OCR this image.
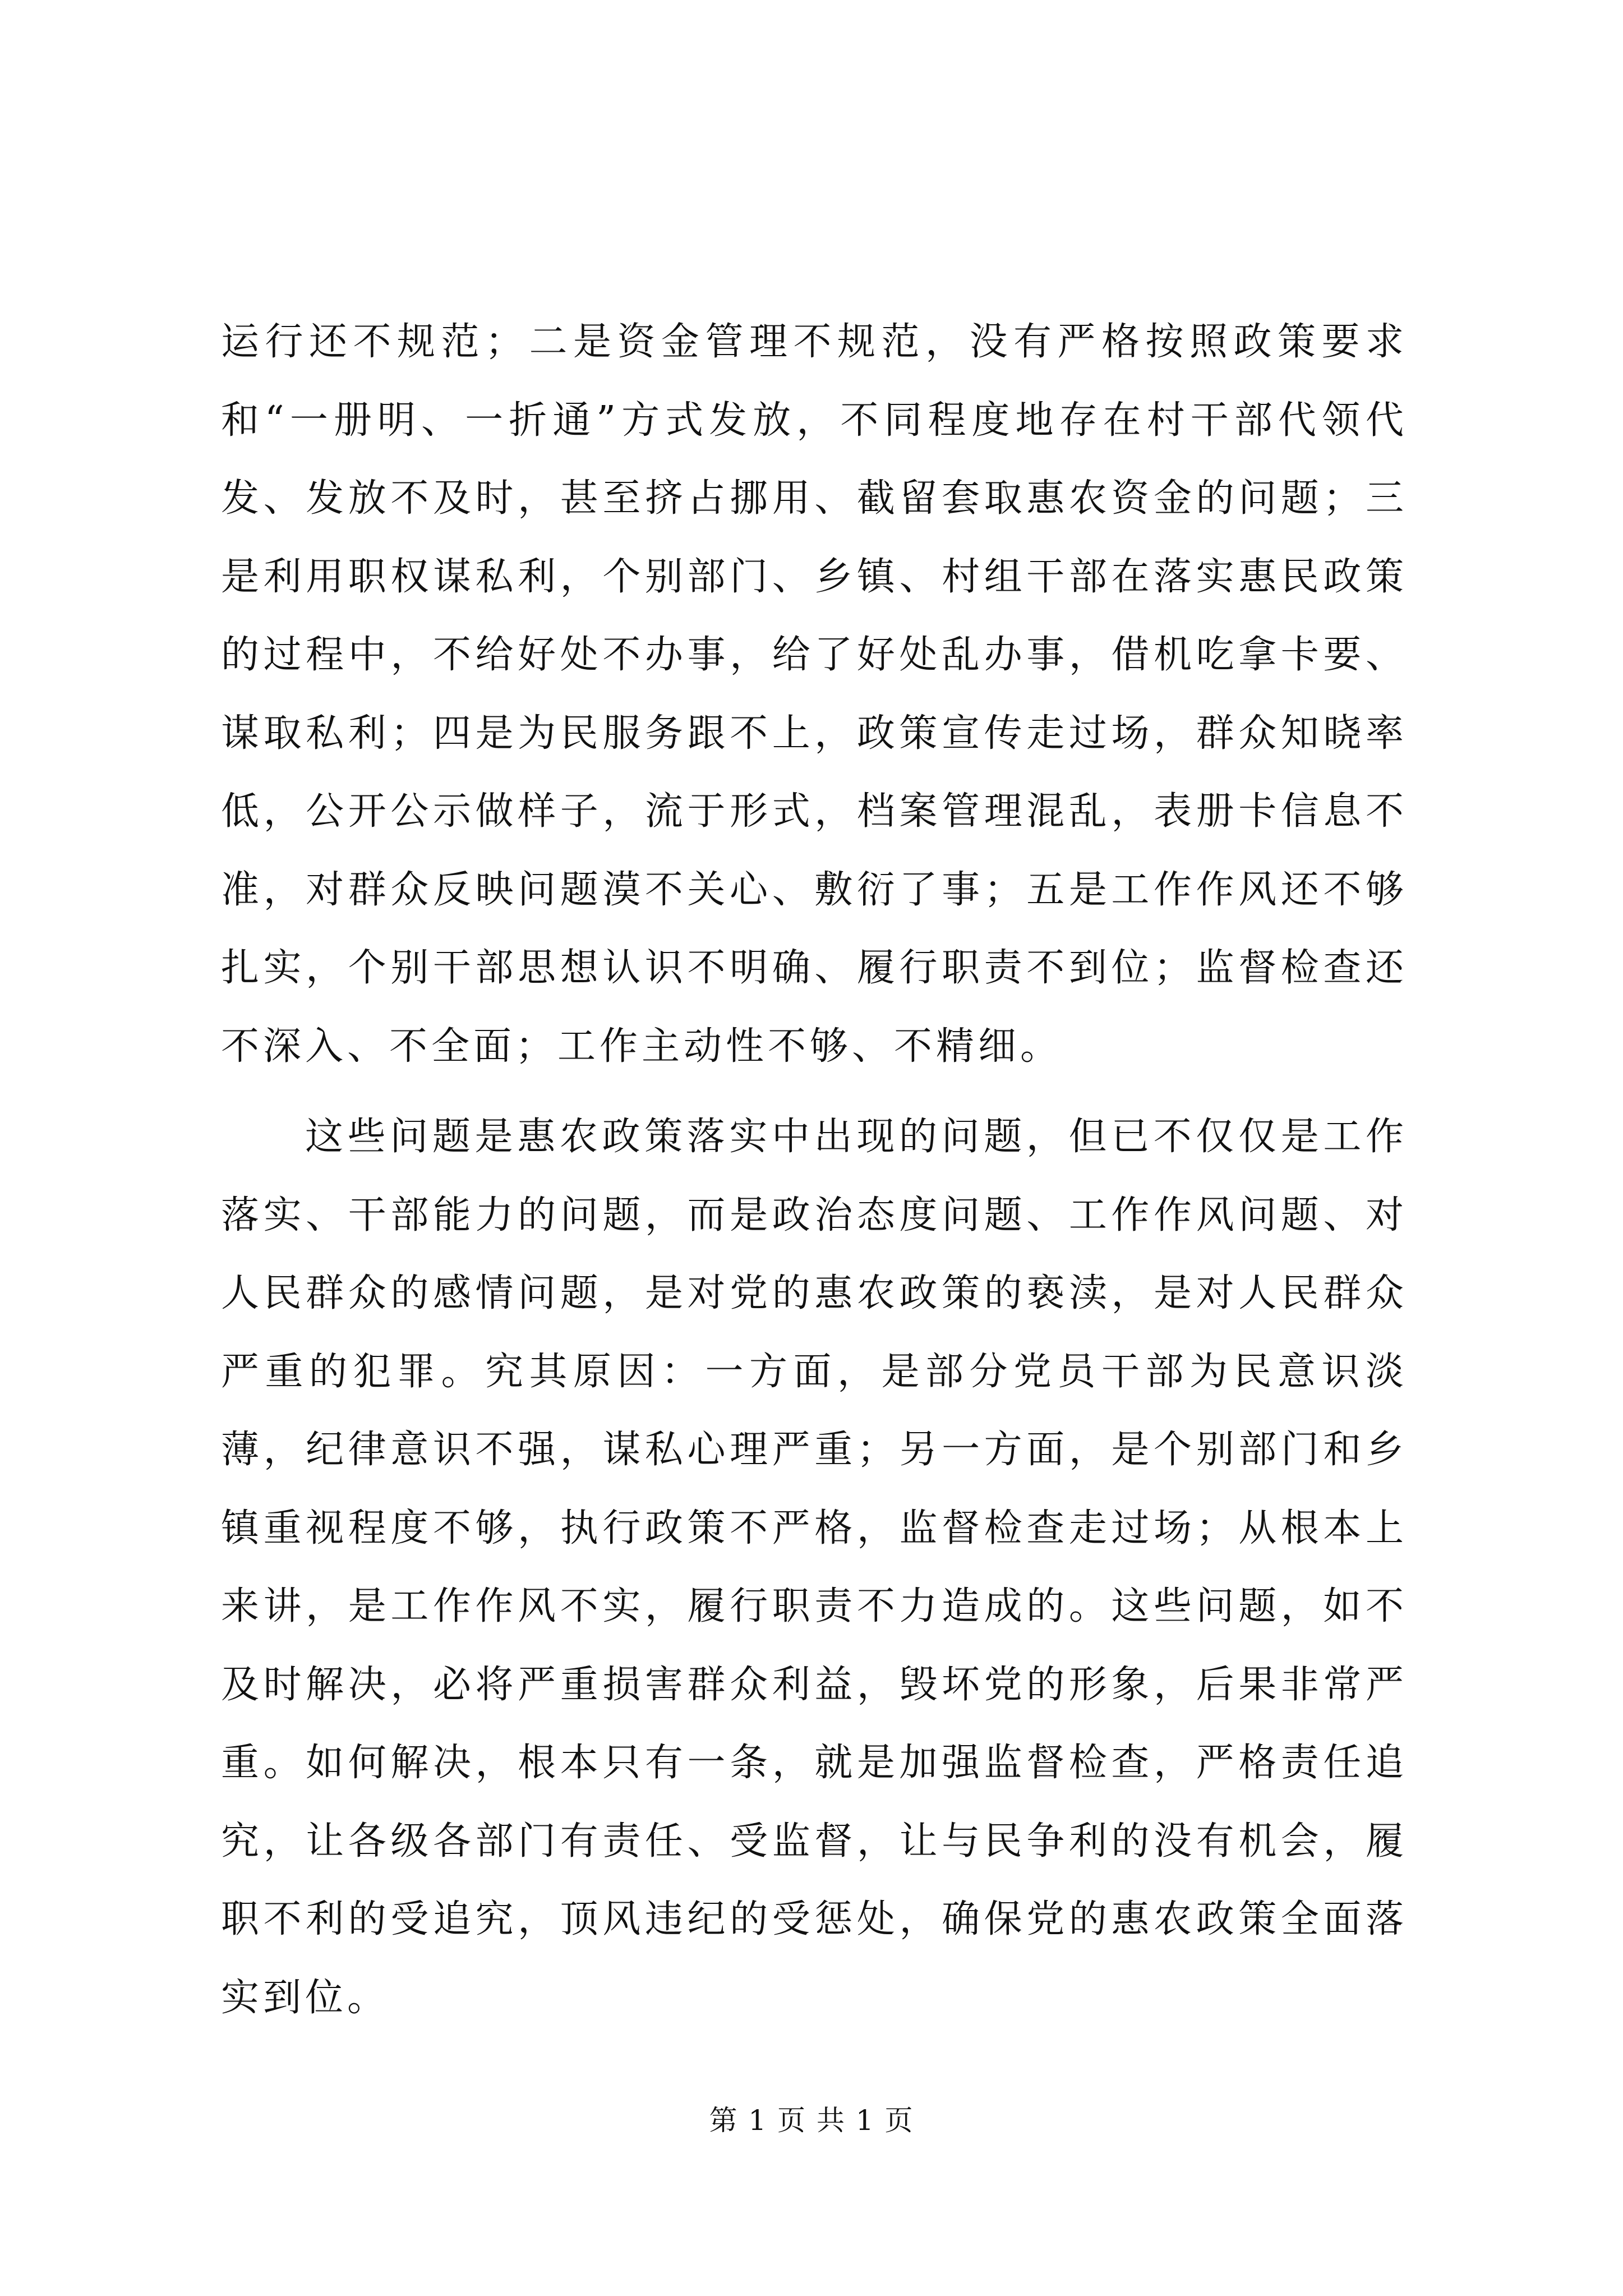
运行还不规范；二是资金管理不规范，没有严格按照政策要求和“一册明、一折通”方式发放，不同程度地存在村干部代领代发、发放不及时，甚至挤占挪用、截留套取惠农资金的问题；三是利用职权谋私利，个别部门、乡镇、村组干部在落实惠民政策的过程中，不给好处不办事，给了好处乱办事，借机吃拿卡要、谋取私利；四是为民服务跟不上，政策宣传走过场，群众知晓率低，公开公示做样子，流于形式，档案管理混乱，表册卡信息不准，对群众反映问题漠不关心、敷衍了事；五是工作作风还不够扎实，个别干部思想认识不明确、履行职责不到位；监督检查还不深入、不全面；工作主动性不够、不精细。

这些问题是惠农政策落实中出现的问题，但已不仅仅是工作落实、干部能力的问题，而是政治态度问题、工作作风问题、对人民群众的感情问题，是对党的惠农政策的亵渎，是对人民群众严重的犯罪。究其原因：一方面，是部分党员干部为民意识淡薄，纪律意识不强，谋私心理严重；另一方面，是个别部门和乡镇重视程度不够，执行政策不严格，监督检查走过场；从根本上来讲，是工作作风不实，履行职责不力造成的。这些问题，如不及时解决，必将严重损害群众利益，毁坏党的形象，后果非常严重。如何解决，根本只有一条，就是加强监督检查，严格责任追究，让各级各部门有责任、受监督，让与民争利的没有机会，履职不利的受追究，顶风违纪的受惩处，确保党的惠农政策全面落实到位。

第 1 页 共 1 页
